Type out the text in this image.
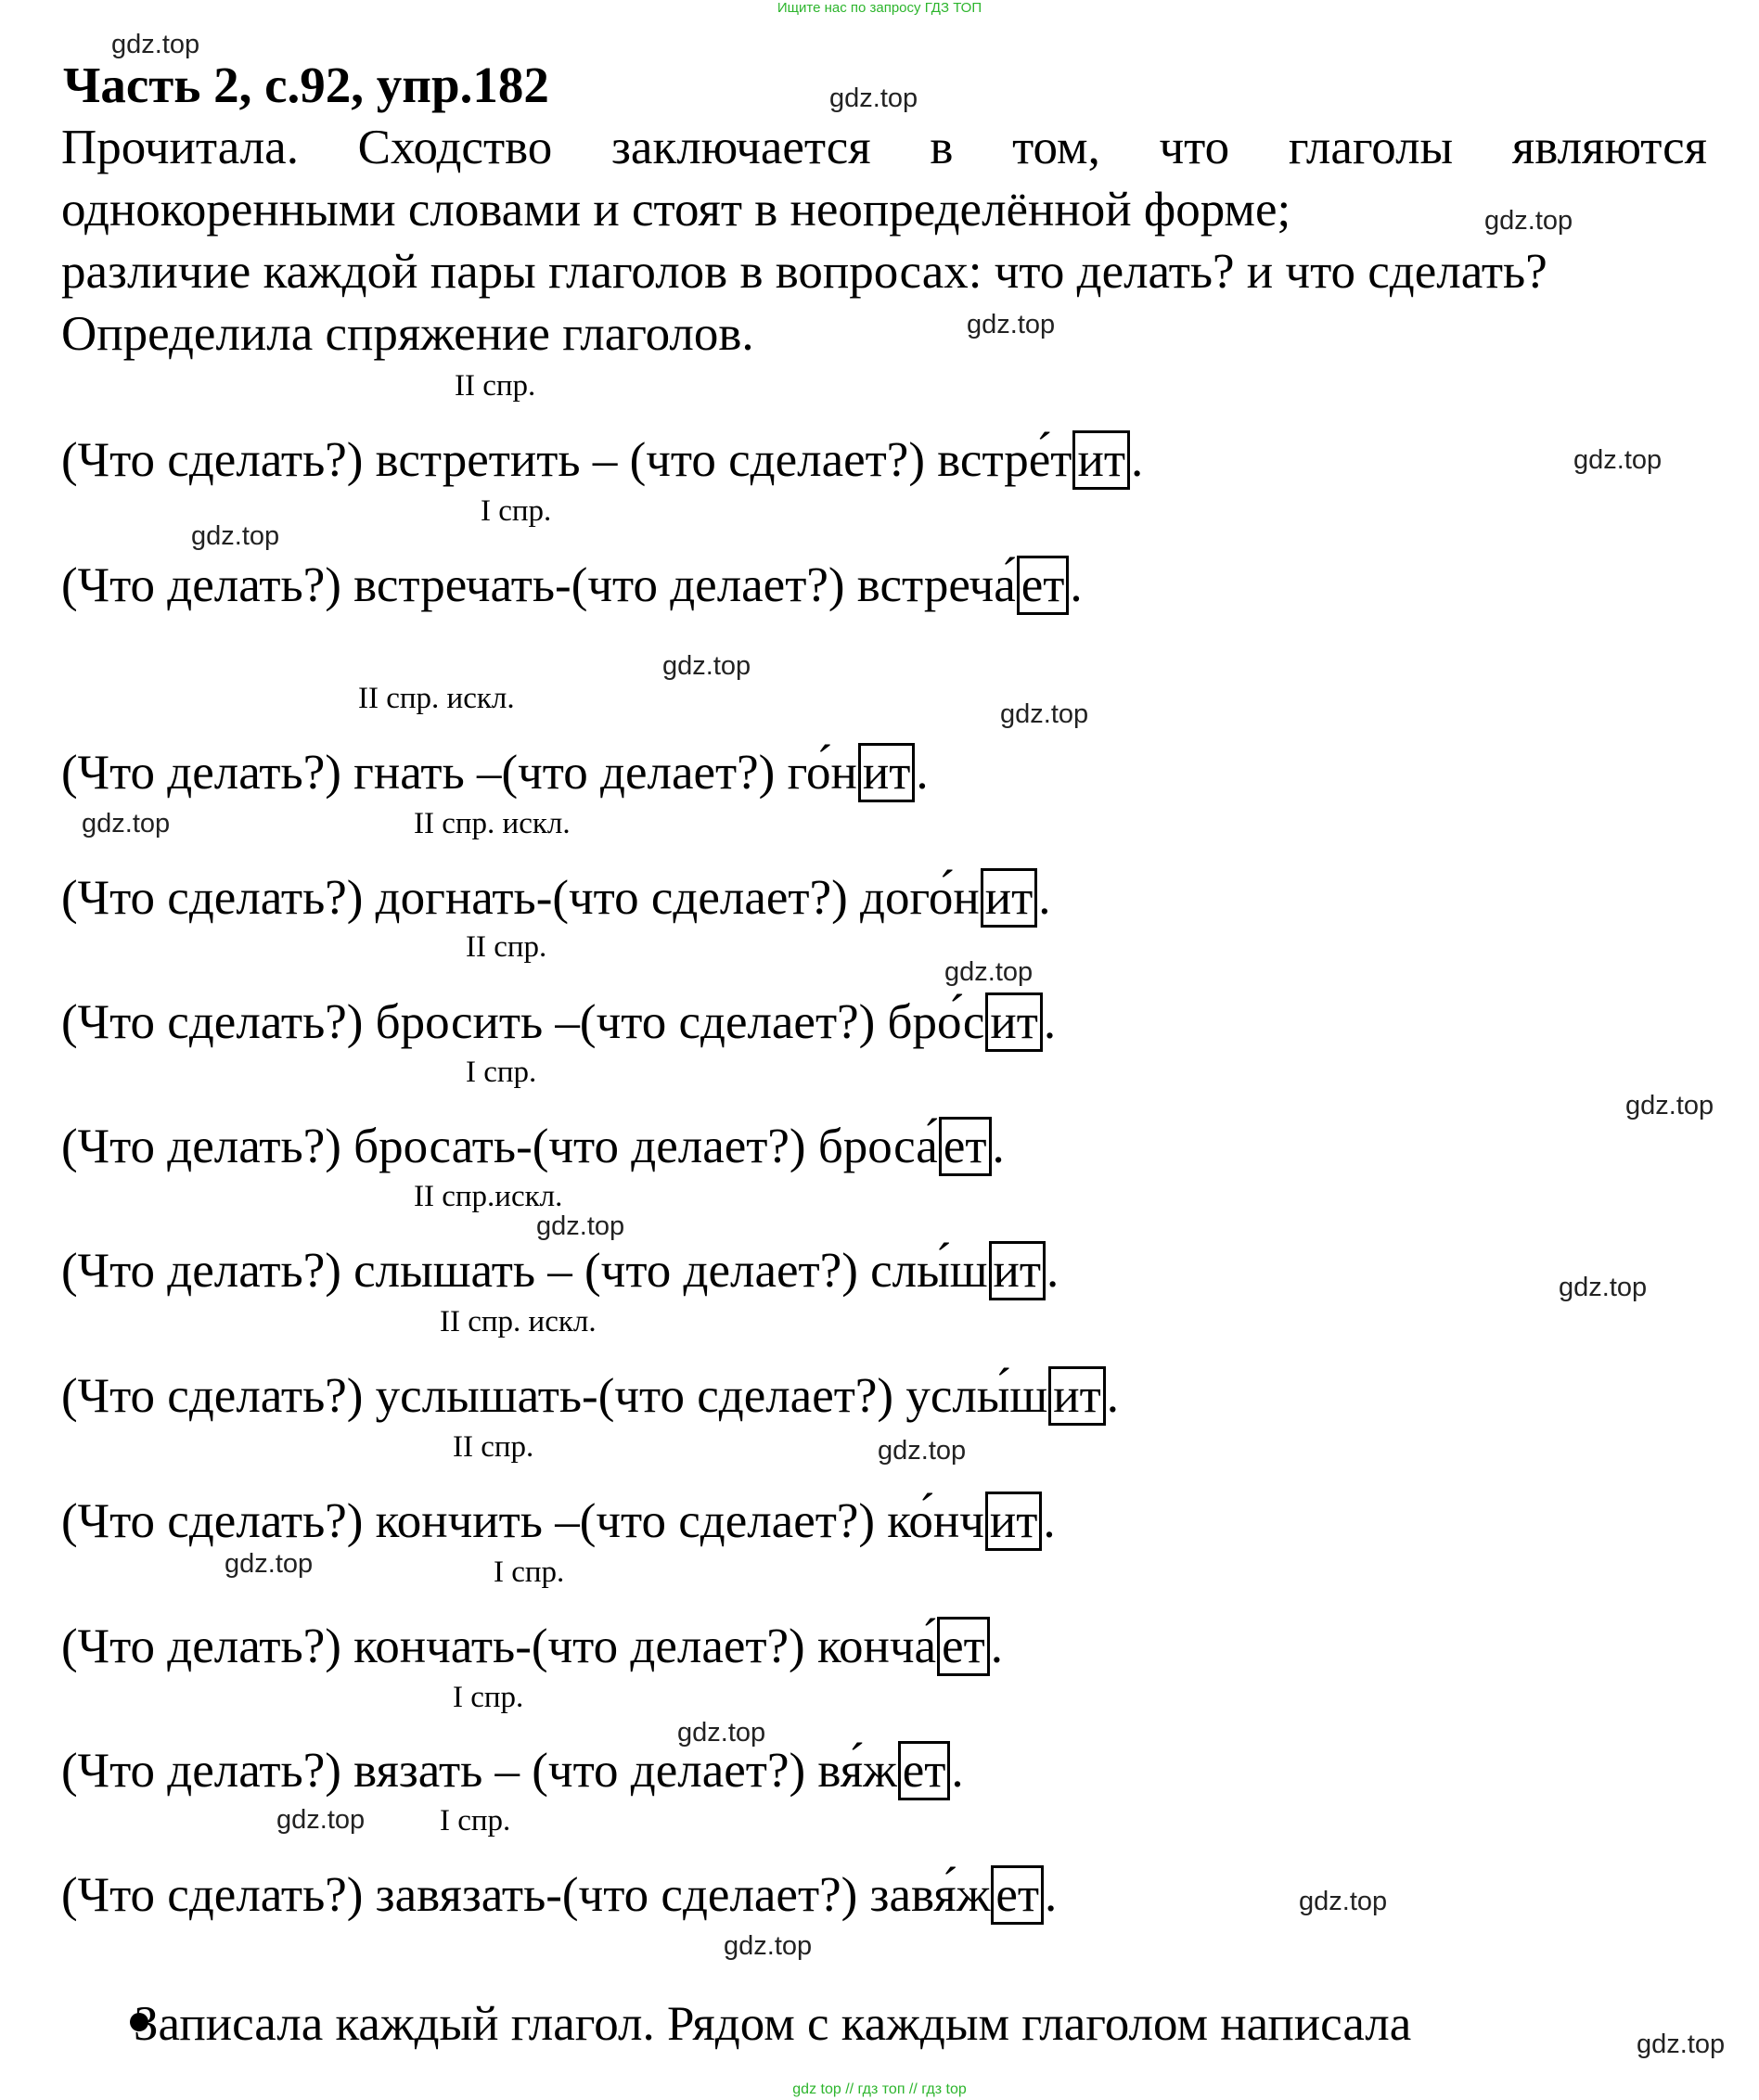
Ищите нас по запросу ГДЗ ТОП
Часть 2, с.92, упр.182
Прочитала. Сходство заключается в том, что глаголы являются
однокоренными словами и стоят в неопределённой форме;
различие каждой пары глаголов в вопросах: что делать? и что сделать?
Определила спряжение глаголов.
II спр.
I спр.
II спр. искл.
II спр. искл.
II спр.
I спр.
II спр.искл.
II спр. искл.
II спр.
I спр.
I спр.
I спр.
(Что сделать?) встретить – (что сделает?) встре́т ит .
(Что делать?) встречать-(что делает?) встреча́ ет .
(Что делать?) гнать –(что делает?) го́н ит .
(Что сделать?) догнать-(что сделает?) дого́н ит .
(Что сделать?) бросить –(что сделает?) бро́с ит .
(Что делать?) бросать-(что делает?) броса́ ет .
(Что делать?) слышать – (что делает?) слы́ш ит .
(Что сделать?) услышать-(что сделает?) услы́ш ит .
(Что сделать?) кончить –(что сделает?) ко́нч ит .
(Что делать?) кончать-(что делает?) конча́ ет .
(Что делать?) вязать – (что делает?) вя́ж ет .
(Что сделать?) завязать-(что сделает?) завя́ж ет .
Записала каждый глагол. Рядом с каждым глаголом написала
gdz.top
gdz.top
gdz.top
gdz.top
gdz.top
gdz.top
gdz.top
gdz.top
gdz.top
gdz.top
gdz.top
gdz.top
gdz.top
gdz.top
gdz.top
gdz.top
gdz.top
gdz.top
gdz.top
gdz.top
gdz top // гдз топ // гдз top
